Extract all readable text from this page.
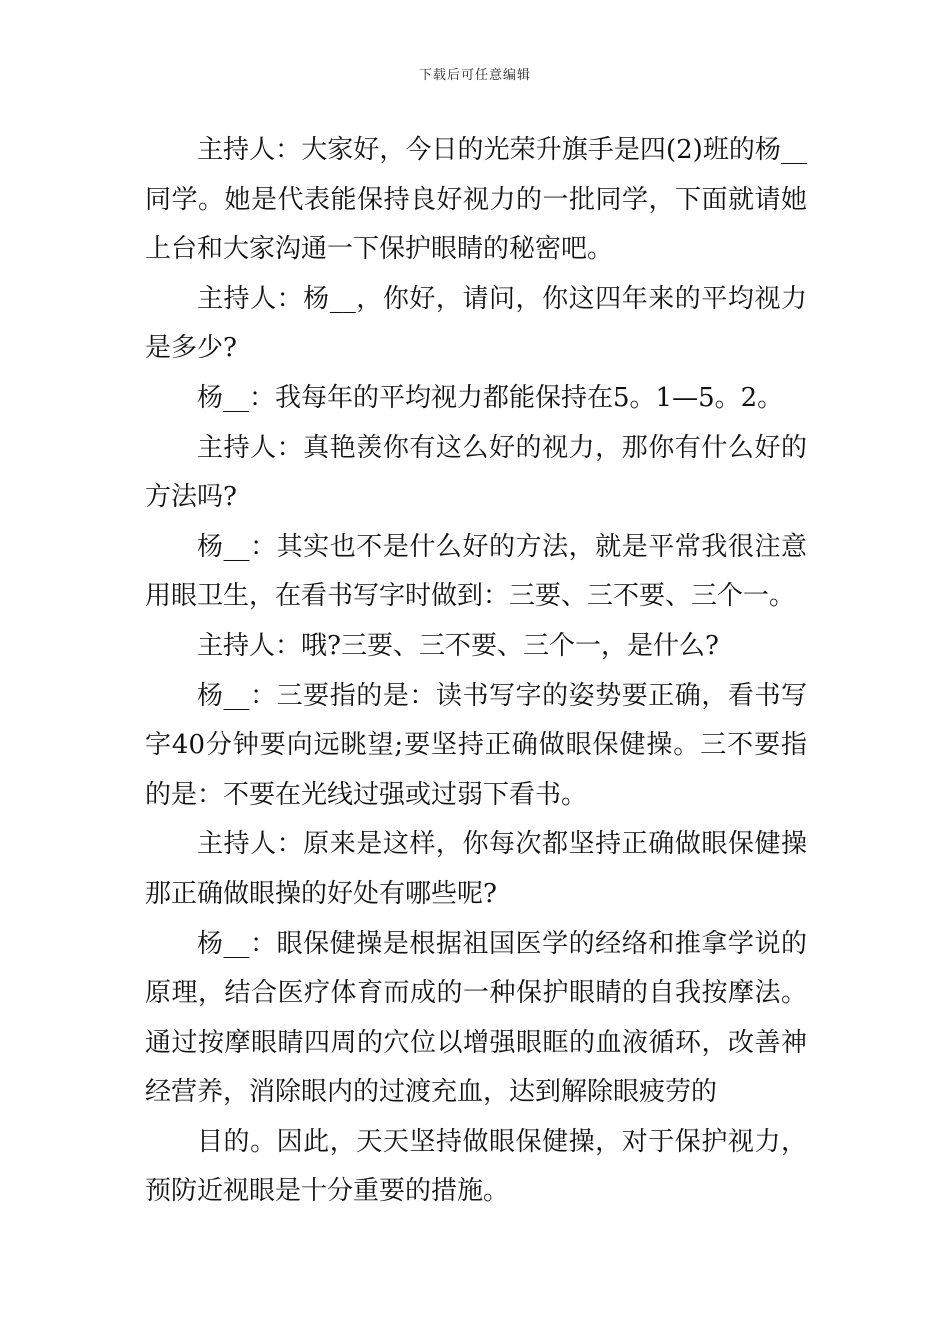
下载后可任意编辑

主持人：大家好，今日的光荣升旗手是四(2)班的杨__同学。她是代表能保持良好视力的一批同学，下面就请她上台和大家沟通一下保护眼睛的秘密吧。

主持人：杨__，你好，请问，你这四年来的平均视力是多少?

杨__：我每年的平均视力都能保持在5。1—5。2。

主持人：真艳羡你有这么好的视力，那你有什么好的方法吗?

杨__：其实也不是什么好的方法，就是平常我很注意用眼卫生，在看书写字时做到：三要、三不要、三个一。

主持人：哦?三要、三不要、三个一，是什么?

杨__：三要指的是：读书写字的姿势要正确，看书写字40分钟要向远眺望;要坚持正确做眼保健操。三不要指的是：不要在光线过强或过弱下看书。

主持人：原来是这样，你每次都坚持正确做眼保健操那正确做眼操的好处有哪些呢?

杨__：眼保健操是根据祖国医学的经络和推拿学说的原理，结合医疗体育而成的一种保护眼睛的自我按摩法。通过按摩眼睛四周的穴位以增强眼眶的血液循环，改善神经营养，消除眼内的过渡充血，达到解除眼疲劳的

目的。因此，天天坚持做眼保健操，对于保护视力，预防近视眼是十分重要的措施。
